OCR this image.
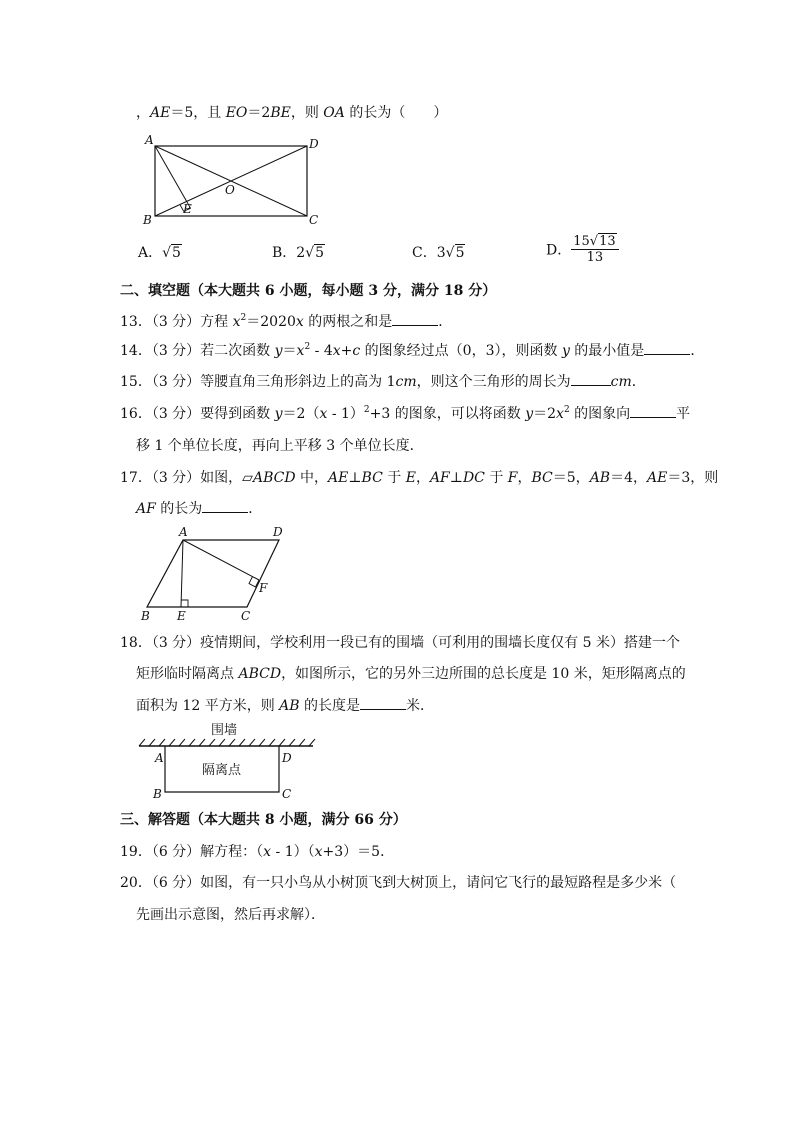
，AE＝5，且 EO＝2BE，则 OA 的长为（　　）
A
B	C
D
E
O
A．√5	B．2√5	C．3√5	D． $\frac{15√13}{13}$
二、填空题（本大题共 6 小题，每小题 3 分，满分 18 分）
13．（3 分）方程 $x^2=2020x$ 的两根之和是	．
14．（3 分）若二次函数 $y=x^2 - 4x+c$ 的图象经过点（0，3），则函数 y 的最小值是	．
15．（3 分）等腰直角三角形斜边上的高为 1cm，则这个三角形的周长为	cm．
16．（3 分）要得到函数 y＝2（x - 1）$^2$+3 的图象，可以将函数 $y=2x^2$ 的图象向	平
移 1 个单位长度，再向上平移 3 个单位长度．
17．（3 分）如图，▱ABCD 中，AE⊥BC 于 E，AF⊥DC 于 F，BC＝5，AB＝4，AE＝3，则
AF 的长为	．
A
B	C
D
E
F
18．（3 分）疫情期间，学校利用一段已有的围墙（可利用的围墙长度仅有 5 米）搭建一个
矩形临时隔离点 ABCD，如图所示，它的另外三边所围的总长度是 10 米，矩形隔离点的
面积为 12 平方米，则 AB 的长度是	米．
围墙
隔离点
A
B	C
D
三、解答题（本大题共 8 小题，满分 66 分）
19．（6 分）解方程：（x - 1）（x+3）＝5．
20．（6 分）如图，有一只小鸟从小树顶飞到大树顶上，请问它飞行的最短路程是多少米（
先画出示意图，然后再求解）．
